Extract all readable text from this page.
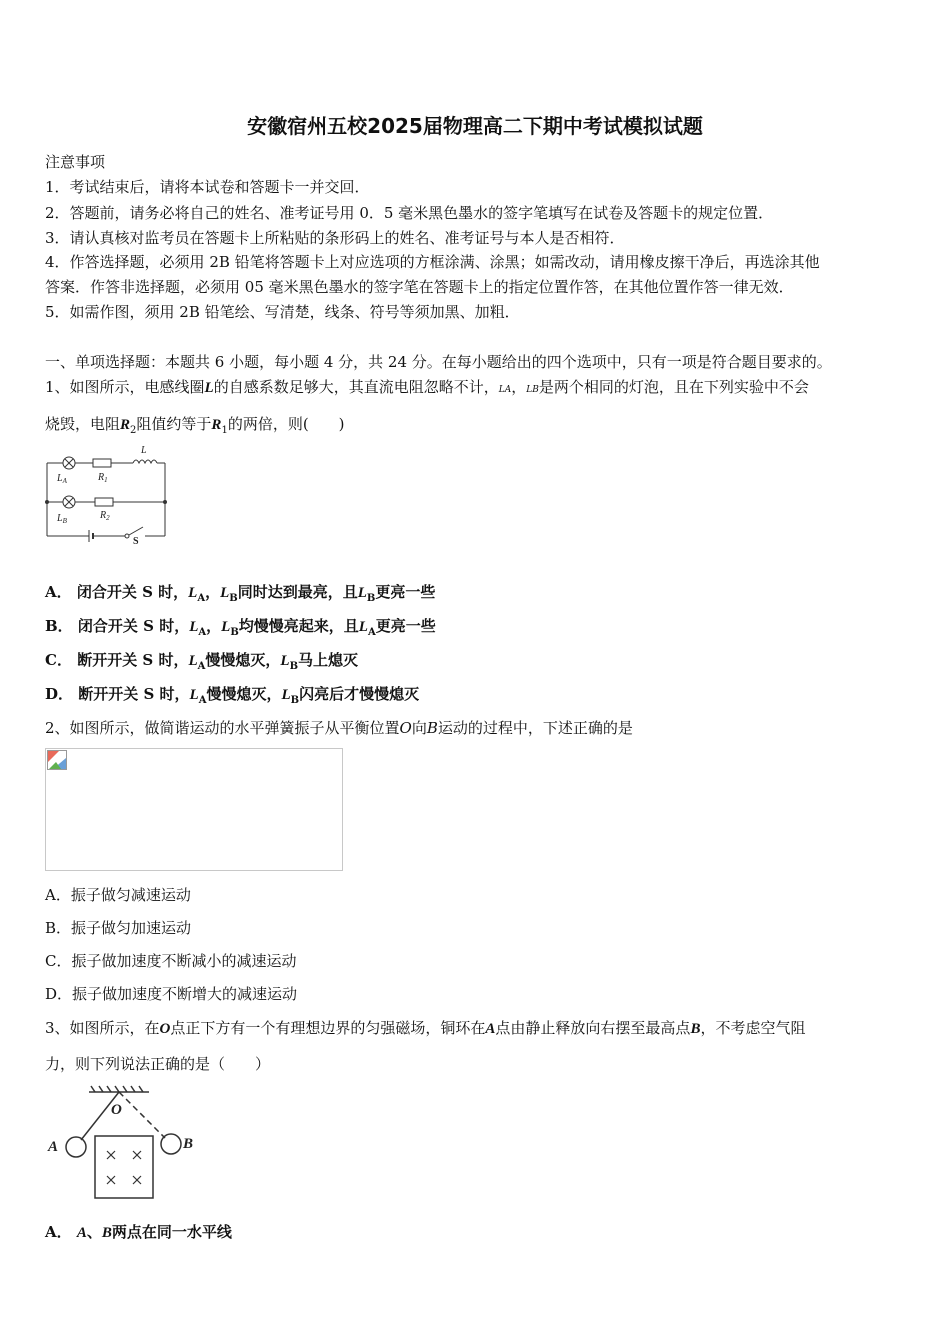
安徽宿州五校2025届物理高二下期中考试模拟试题
注意事项
1．考试结束后，请将本试卷和答题卡一并交回．
2．答题前，请务必将自己的姓名、准考证号用 0．5 毫米黑色墨水的签字笔填写在试卷及答题卡的规定位置．
3．请认真核对监考员在答题卡上所粘贴的条形码上的姓名、准考证号与本人是否相符．
4．作答选择题，必须用 2B 铅笔将答题卡上对应选项的方框涂满、涂黑；如需改动，请用橡皮擦干净后，再选涂其他
答案．作答非选择题，必须用 05 毫米黑色墨水的签字笔在答题卡上的指定位置作答，在其他位置作答一律无效．
5．如需作图，须用 2B 铅笔绘、写清楚，线条、符号等须加黑、加粗．
一、单项选择题：本题共 6 小题，每小题 4 分，共 24 分。在每小题给出的四个选项中，只有一项是符合题目要求的。
1、如图所示，电感线圈L的自感系数足够大，其直流电阻忽略不计，LA，LB是两个相同的灯泡，且在下列实验中不会
烧毁，电阻$R_2$阻值约等于$R_1$的两倍，则(　　)
L
$L_A$	$R_1$
$L_B$	$R_2$
S
A． 闭合开关 S 时，$L_A$，$L_B$同时达到最亮，且$L_B$更亮一些
B． 闭合开关 S 时，$L_A$，$L_B$均慢慢亮起来，且$L_A$更亮一些
C． 断开开关 S 时，$L_A$慢慢熄灭，$L_B$马上熄灭
D． 断开开关 S 时，$L_A$慢慢熄灭，$L_B$闪亮后才慢慢熄灭
2、如图所示，做简谐运动的水平弹簧振子从平衡位置O向B运动的过程中，下述正确的是
A．振子做匀减速运动
B．振子做匀加速运动
C．振子做加速度不断减小的减速运动
D．振子做加速度不断增大的减速运动
3、如图所示，在O点正下方有一个有理想边界的匀强磁场，铜环在A点由静止释放向右摆至最高点B，不考虑空气阻
力，则下列说法正确的是（　　）
O
A	B
A． A、B两点在同一水平线
